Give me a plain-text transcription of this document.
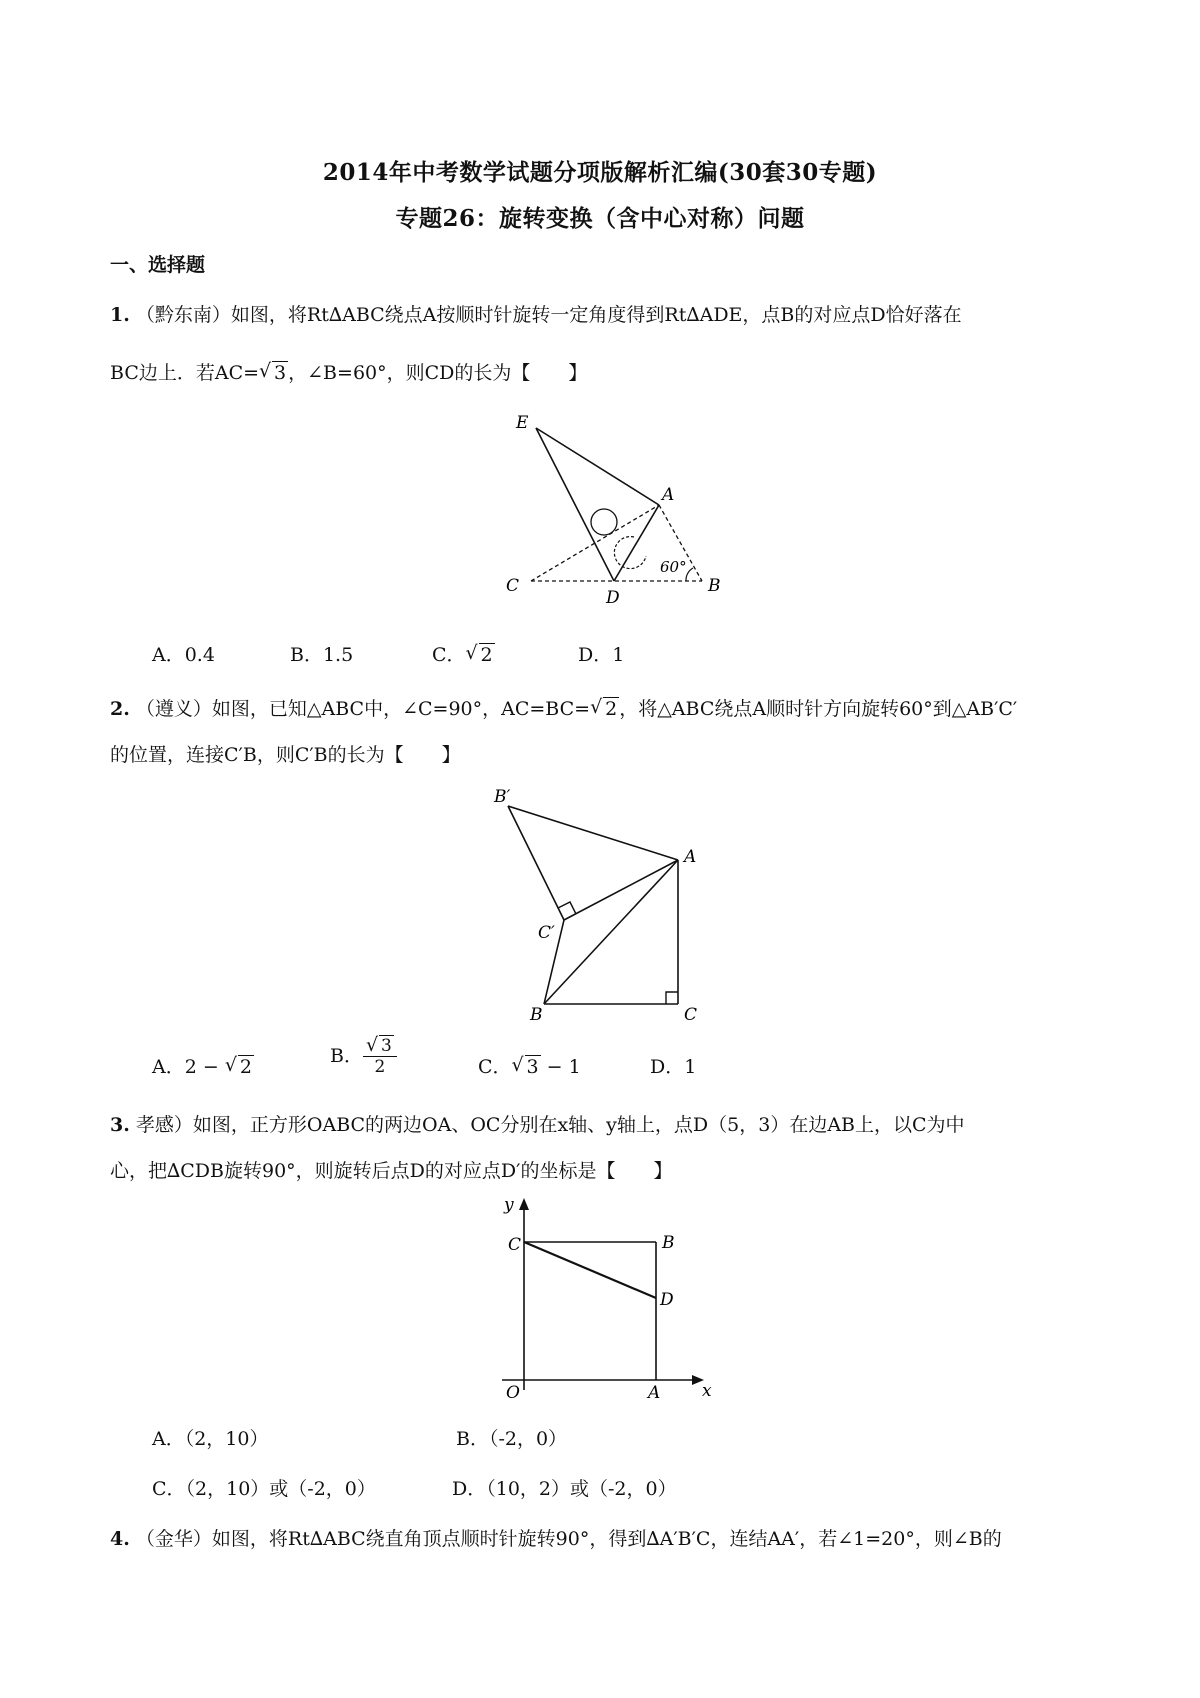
2014年中考数学试题分项版解析汇编(30套30专题)
专题26：旋转变换（含中心对称）问题
一、选择题
1. （黔东南）如图，将Rt∆ABC绕点A按顺时针旋转一定角度得到Rt∆ADE，点B的对应点D恰好落在
BC边上．若AC= √ 3 ，∠B=60°，则CD的长为【　　】
E
A
C
D
B
60°
A．0.4	B．1.5	C． √ 2	D．1
2. （遵义）如图，已知△ABC中，∠C=90°，AC=BC= √ 2 ，将△ABC绕点A顺时针方向旋转60°到△AB′C′
的位置，连接C′B，则C′B的长为【　　】
B′
A
C′
B	C
A．2 − √ 2
B． √ $\frac{3}{2}$	C． √ 3 − 1	D．1
3. 孝感）如图，正方形OABC的两边OA、OC分别在x轴、y轴上，点D（5，3）在边AB上，以C为中
心，把∆CDB旋转90°，则旋转后点D的对应点D′的坐标是【　　】
y
x
C	B
D
O	A
A．（2，10）	B．（-2，0）
C．（2，10）或（-2，0）	D．（10，2）或（-2，0）
4. （金华）如图，将Rt∆ABC绕直角顶点顺时针旋转90°，得到∆A′B′C，连结AA′，若∠1=20°，则∠B的
